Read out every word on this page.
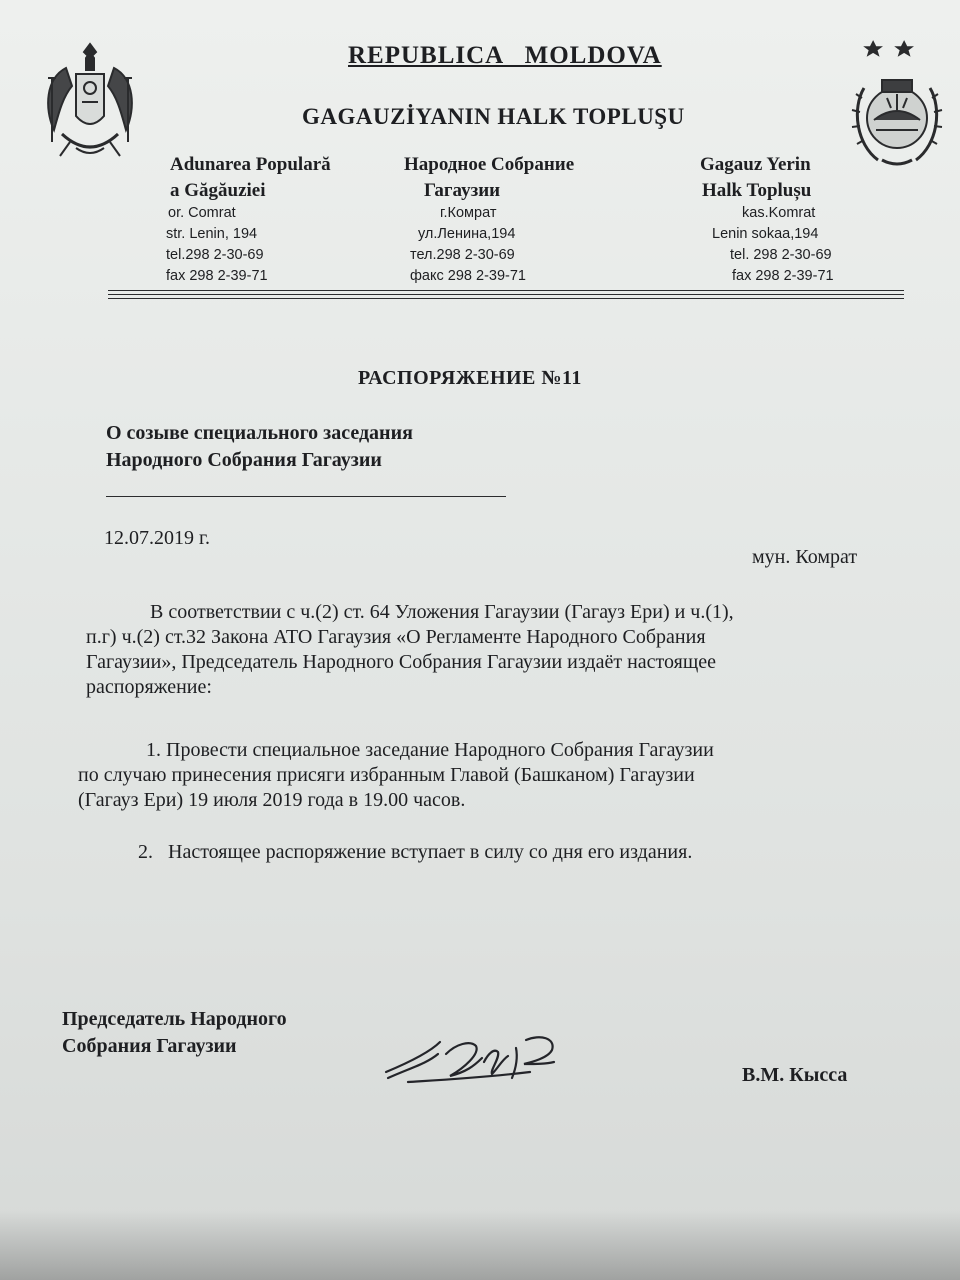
REPUBLICA   MOLDOVA
GAGAUZİYANIN HALK TOPLUŞU
Adunarea Populară
a Găgăuziei
or. Comrat
str. Lenin, 194
tel.298 2-30-69
fax 298 2-39-71
Народное Собрание
Гагаузии
г.Комрат
ул.Ленина,194
тел.298 2-30-69
факс 298 2-39-71
Gagauz Yerin
Halk Toplușu
kas.Komrat
Lenin sokaa,194
tel. 298 2-30-69
fax 298 2-39-71
РАСПОРЯЖЕНИЕ №11
О созыве специального заседания
Народного Собрания Гагаузии
12.07.2019 г.
мун. Комрат
В соответствии с ч.(2) ст. 64 Уложения Гагаузии (Гагауз Ери) и ч.(1),
п.г) ч.(2) ст.32 Закона АТО Гагаузия «О Регламенте Народного Собрания
Гагаузии», Председатель Народного Собрания Гагаузии издаёт настоящее
распоряжение:
1. Провести специальное заседание Народного Собрания Гагаузии
по случаю принесения присяги избранным Главой (Башканом) Гагаузии
(Гагауз Ери) 19 июля 2019 года в 19.00 часов.
2.   Настоящее распоряжение вступает в силу со дня его издания.
Председатель Народного
Собрания Гагаузии
В.М. Кысса
